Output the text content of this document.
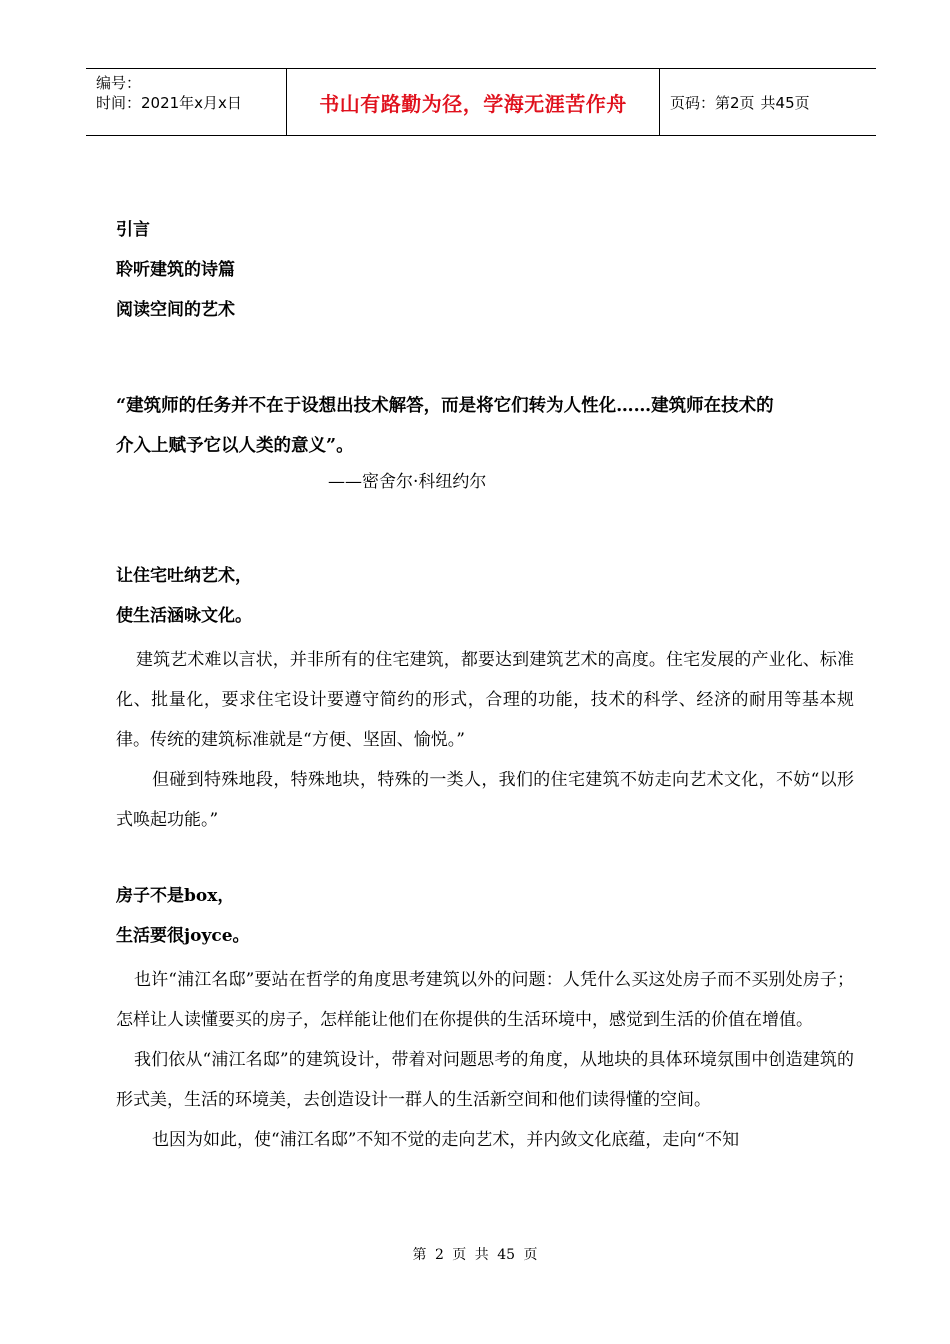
编号：
时间：2021年x月x日	书山有路勤为径，学海无涯苦作舟	页码：第2页 共45页
引言
聆听建筑的诗篇
阅读空间的艺术
“建筑师的任务并不在于设想出技术解答，而是将它们转为人性化……建筑师在技术的
介入上赋予它以人类的意义”。
——密舍尔·科纽约尔
让住宅吐纳艺术，
使生活涵咏文化。
建筑艺术难以言状，并非所有的住宅建筑，都要达到建筑艺术的高度。住宅发展的产业化、标准化、批量化，要求住宅设计要遵守简约的形式，合理的功能，技术的科学、经济的耐用等基本规律。传统的建筑标准就是“方便、坚固、愉悦。”
但碰到特殊地段，特殊地块，特殊的一类人，我们的住宅建筑不妨走向艺术文化，不妨“以形式唤起功能。”
房子不是box，
生活要很joyce。
也许“浦江名邸”要站在哲学的角度思考建筑以外的问题：人凭什么买这处房子而不买别处房子；怎样让人读懂要买的房子，怎样能让他们在你提供的生活环境中，感觉到生活的价值在增值。
我们依从“浦江名邸”的建筑设计，带着对问题思考的角度，从地块的具体环境氛围中创造建筑的形式美，生活的环境美，去创造设计一群人的生活新空间和他们读得懂的空间。
也因为如此，使“浦江名邸”不知不觉的走向艺术，并内敛文化底蕴，走向“不知
第 2 页 共 45 页
